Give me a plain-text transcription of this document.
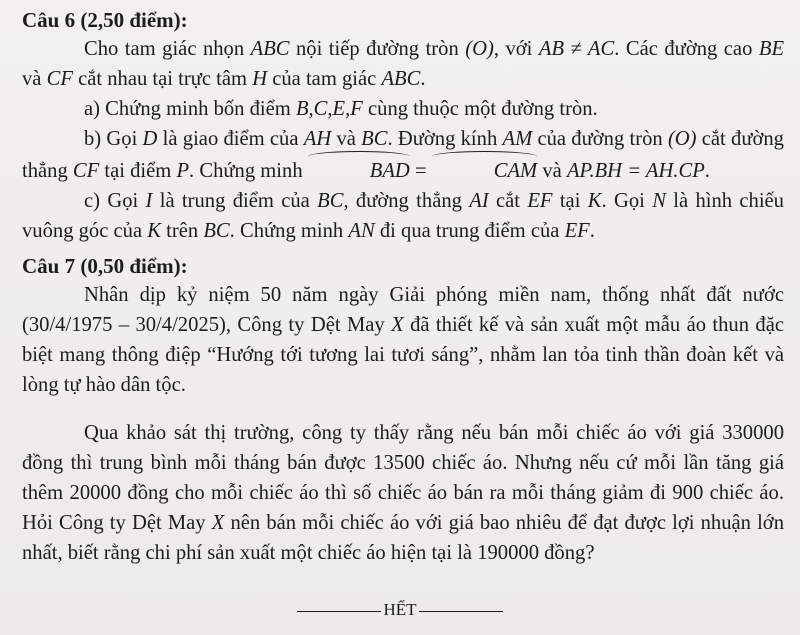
Câu 6 (2,50 điểm):

Cho tam giác nhọn ABC nội tiếp đường tròn (O), với AB ≠ AC. Các đường cao BE và CF cắt nhau tại trực tâm H của tam giác ABC.

a) Chứng minh bốn điểm B,C,E,F cùng thuộc một đường tròn.

b) Gọi D là giao điểm của AH và BC. Đường kính AM của đường tròn (O) cắt đường thẳng CF tại điểm P. Chứng minh	BAD =	CAM và AP.BH = AH.CP.

c) Gọi I là trung điểm của BC, đường thẳng AI cắt EF tại K. Gọi N là hình chiếu vuông góc của K trên BC. Chứng minh AN đi qua trung điểm của EF.

Câu 7 (0,50 điểm):

Nhân dịp kỷ niệm 50 năm ngày Giải phóng miền nam, thống nhất đất nước (30/4/1975 – 30/4/2025), Công ty Dệt May X đã thiết kế và sản xuất một mẫu áo thun đặc biệt mang thông điệp “Hướng tới tương lai tươi sáng”, nhằm lan tỏa tinh thần đoàn kết và lòng tự hào dân tộc.

Qua khảo sát thị trường, công ty thấy rằng nếu bán mỗi chiếc áo với giá 330000 đồng thì trung bình mỗi tháng bán được 13500 chiếc áo. Nhưng nếu cứ mỗi lần tăng giá thêm 20000 đồng cho mỗi chiếc áo thì số chiếc áo bán ra mỗi tháng giảm đi 900 chiếc áo. Hỏi Công ty Dệt May X nên bán mỗi chiếc áo với giá bao nhiêu để đạt được lợi nhuận lớn nhất, biết rằng chi phí sản xuất một chiếc áo hiện tại là 190000 đồng?

HẾT
